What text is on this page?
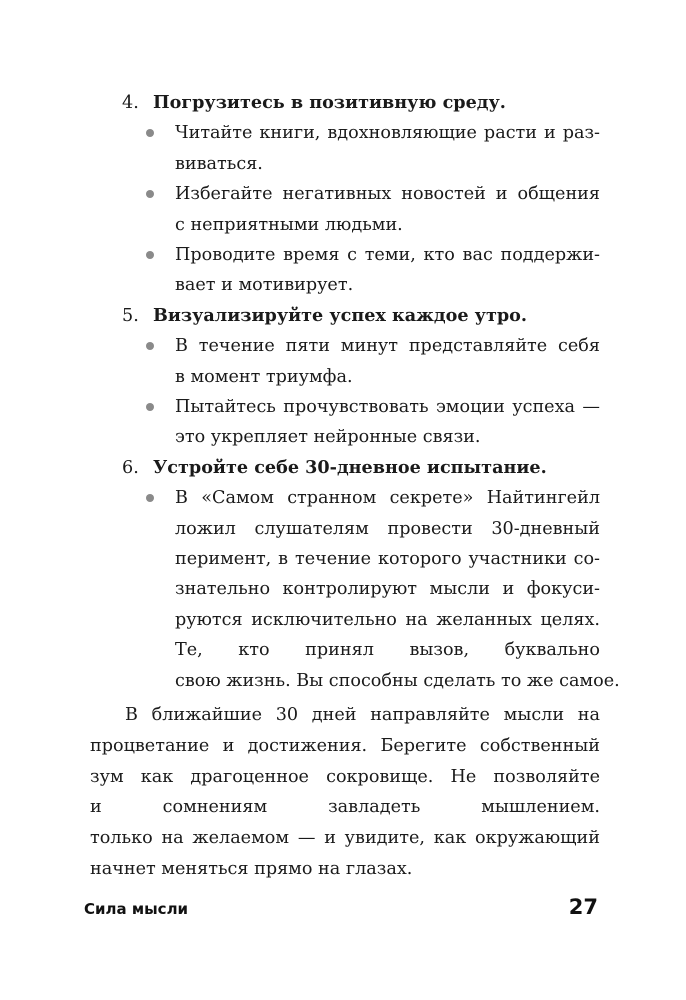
4. Погрузитесь в позитивную среду.
Читайте книги, вдохновляющие расти и раз-
виваться.
Избегайте негативных новостей и общения
с неприятными людьми.
Проводите время с теми, кто вас поддержи-
вает и мотивирует.
5. Визуализируйте успех каждое утро.
В течение пяти минут представляйте себя
в момент триумфа.
Пытайтесь прочувствовать эмоции успеха —
это укрепляет нейронные связи.
6. Устройте себе 30-дневное испытание.
В «Самом странном секрете» Найтингейл
ложил слушателям провести 30-дневный
перимент, в течение которого участники со-
знательно контролируют мысли и фокуси-
руются исключительно на желанных целях.
Те, кто принял вызов, буквально
свою жизнь. Вы способны сделать то же самое.
В ближайшие 30 дней направляйте мысли на
процветание и достижения. Берегите собственный
зум как драгоценное сокровище. Не позволяйте
и сомнениям завладеть мышлением.
только на желаемом — и увидите, как окружающий
начнет меняться прямо на глазах.
Сила мысли	27
